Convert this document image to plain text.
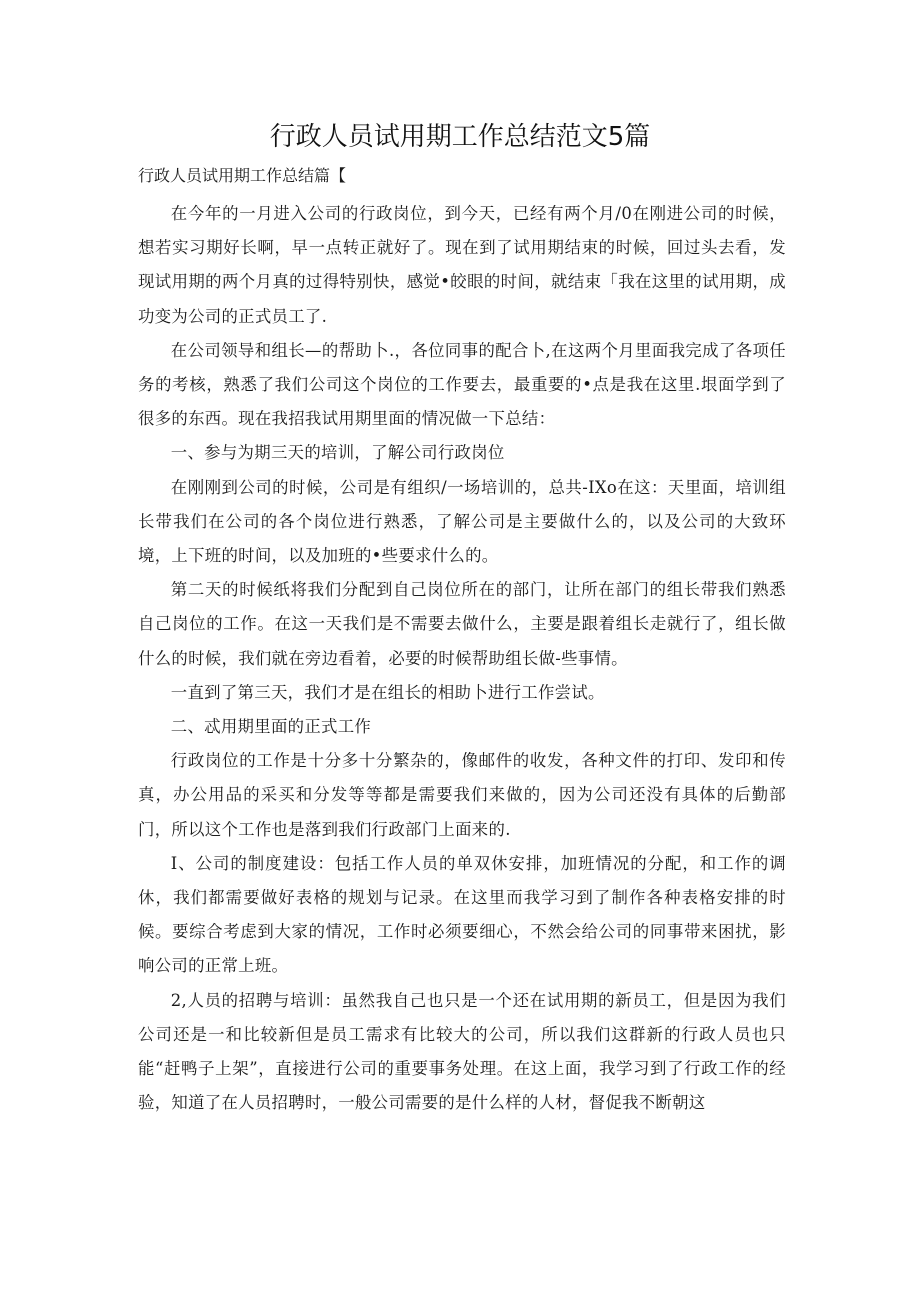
行政人员试用期工作总结范文5篇
行政人员试用期工作总结篇【

在今年的一月进入公司的行政岗位，到今天，已经有两个月/0在刚进公司的时候，想若实习期好长啊，早一点转正就好了。现在到了试用期结束的时候，回过头去看，发现试用期的两个月真的过得特别快，感觉•皎眼的时间，就结束「我在这里的试用期，成功变为公司的正式员工了.

在公司领导和组长—的帮助卜.，各位同事的配合卜,在这两个月里面我完成了各项任务的考核，熟悉了我们公司这个岗位的工作要去，最重要的•点是我在这里.垠面学到了很多的东西。现在我招我试用期里面的情况做一下总结：

一、参与为期三天的培训，了解公司行政岗位

在刚刚到公司的时候，公司是有组织/一场培训的，总共-IXo在这：天里面，培训组长带我们在公司的各个岗位进行熟悉，了解公司是主要做什么的，以及公司的大致环境，上下班的时间，以及加班的•些要求什么的。

第二天的时候纸将我们分配到自己岗位所在的部门，让所在部门的组长带我们熟悉自己岗位的工作。在这一天我们是不需要去做什么，主要是跟着组长走就行了，组长做什么的时候，我们就在旁边看着，必要的时候帮助组长做-些事情。

一直到了第三天，我们才是在组长的相助卜进行工作尝试。

二、忒用期里面的正式工作

行政岗位的工作是十分多十分繁杂的，像邮件的收发，各种文件的打印、发印和传真，办公用品的采买和分发等等都是需要我们来做的，因为公司还没有具体的后勤部门，所以这个工作也是落到我们行政部门上面来的.

I、公司的制度建设：包括工作人员的单双休安排，加班情况的分配，和工作的调休，我们都需要做好表格的规划与记录。在这里而我学习到了制作各种表格安排的时候。要综合考虑到大家的情况，工作时必须要细心，不然会给公司的同事带来困扰，影响公司的正常上班。

2,人员的招聘与培训：虽然我自己也只是一个还在试用期的新员工，但是因为我们公司还是一和比较新但是员工需求有比较大的公司，所以我们这群新的行政人员也只能“赶鸭子上架”，直接进行公司的重要事务处理。在这上面，我学习到了行政工作的经验，知道了在人员招聘时，一般公司需要的是什么样的人材，督促我不断朝这
